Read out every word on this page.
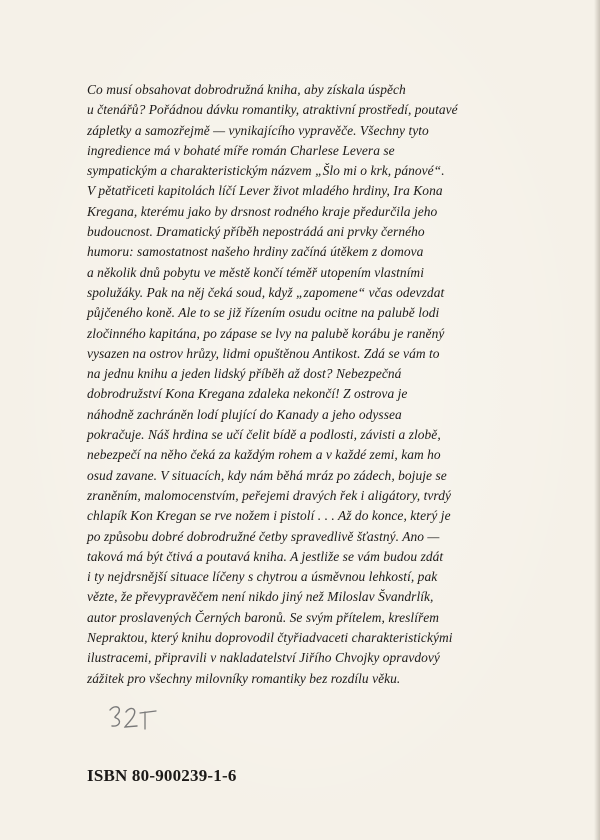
Co musí obsahovat dobrodružná kniha, aby získala úspěch
u čtenářů? Pořádnou dávku romantiky, atraktivní prostředí, poutavé
zápletky a samozřejmě — vynikajícího vypravěče. Všechny tyto
ingredience má v bohaté míře román Charlese Levera se
sympatickým a charakteristickým názvem „Šlo mi o krk, pánové“.
V pětatřiceti kapitolách líčí Lever život mladého hrdiny, Ira Kona
Kregana, kterému jako by drsnost rodného kraje předurčila jeho
budoucnost. Dramatický příběh nepostrádá ani prvky černého
humoru: samostatnost našeho hrdiny začíná útěkem z domova
a několik dnů pobytu ve městě končí téměř utopením vlastními
spolužáky. Pak na něj čeká soud, když „zapomene“ včas odevzdat
půjčeného koně. Ale to se již řízením osudu ocitne na palubě lodi
zločinného kapitána, po zápase se lvy na palubě korábu je raněný
vysazen na ostrov hrůzy, lidmi opuštěnou Antikost. Zdá se vám to
na jednu knihu a jeden lidský příběh až dost? Nebezpečná
dobrodružství Kona Kregana zdaleka nekončí! Z ostrova je
náhodně zachráněn lodí plující do Kanady a jeho odyssea
pokračuje. Náš hrdina se učí čelit bídě a podlosti, závisti a zlobě,
nebezpečí na něho čeká za každým rohem a v každé zemi, kam ho
osud zavane. V situacích, kdy nám běhá mráz po zádech, bojuje se
zraněním, malomocenstvím, peřejemi dravých řek i aligátory, tvrdý
chlapík Kon Kregan se rve nožem i pistolí . . . Až do konce, který je
po způsobu dobré dobrodružné četby spravedlivě šťastný. Ano —
taková má být čtivá a poutavá kniha. A jestliže se vám budou zdát
i ty nejdrsnější situace líčeny s chytrou a úsměvnou lehkostí, pak
vězte, že převypravěčem není nikdo jiný než Miloslav Švandrlík,
autor proslavených Černých baronů. Se svým přítelem, kreslířem
Nepraktou, který knihu doprovodil čtyřiadvaceti charakteristickými
ilustracemi, připravili v nakladatelství Jiřího Chvojky opravdový
zážitek pro všechny milovníky romantiky bez rozdílu věku.
ISBN 80-900239-1-6
